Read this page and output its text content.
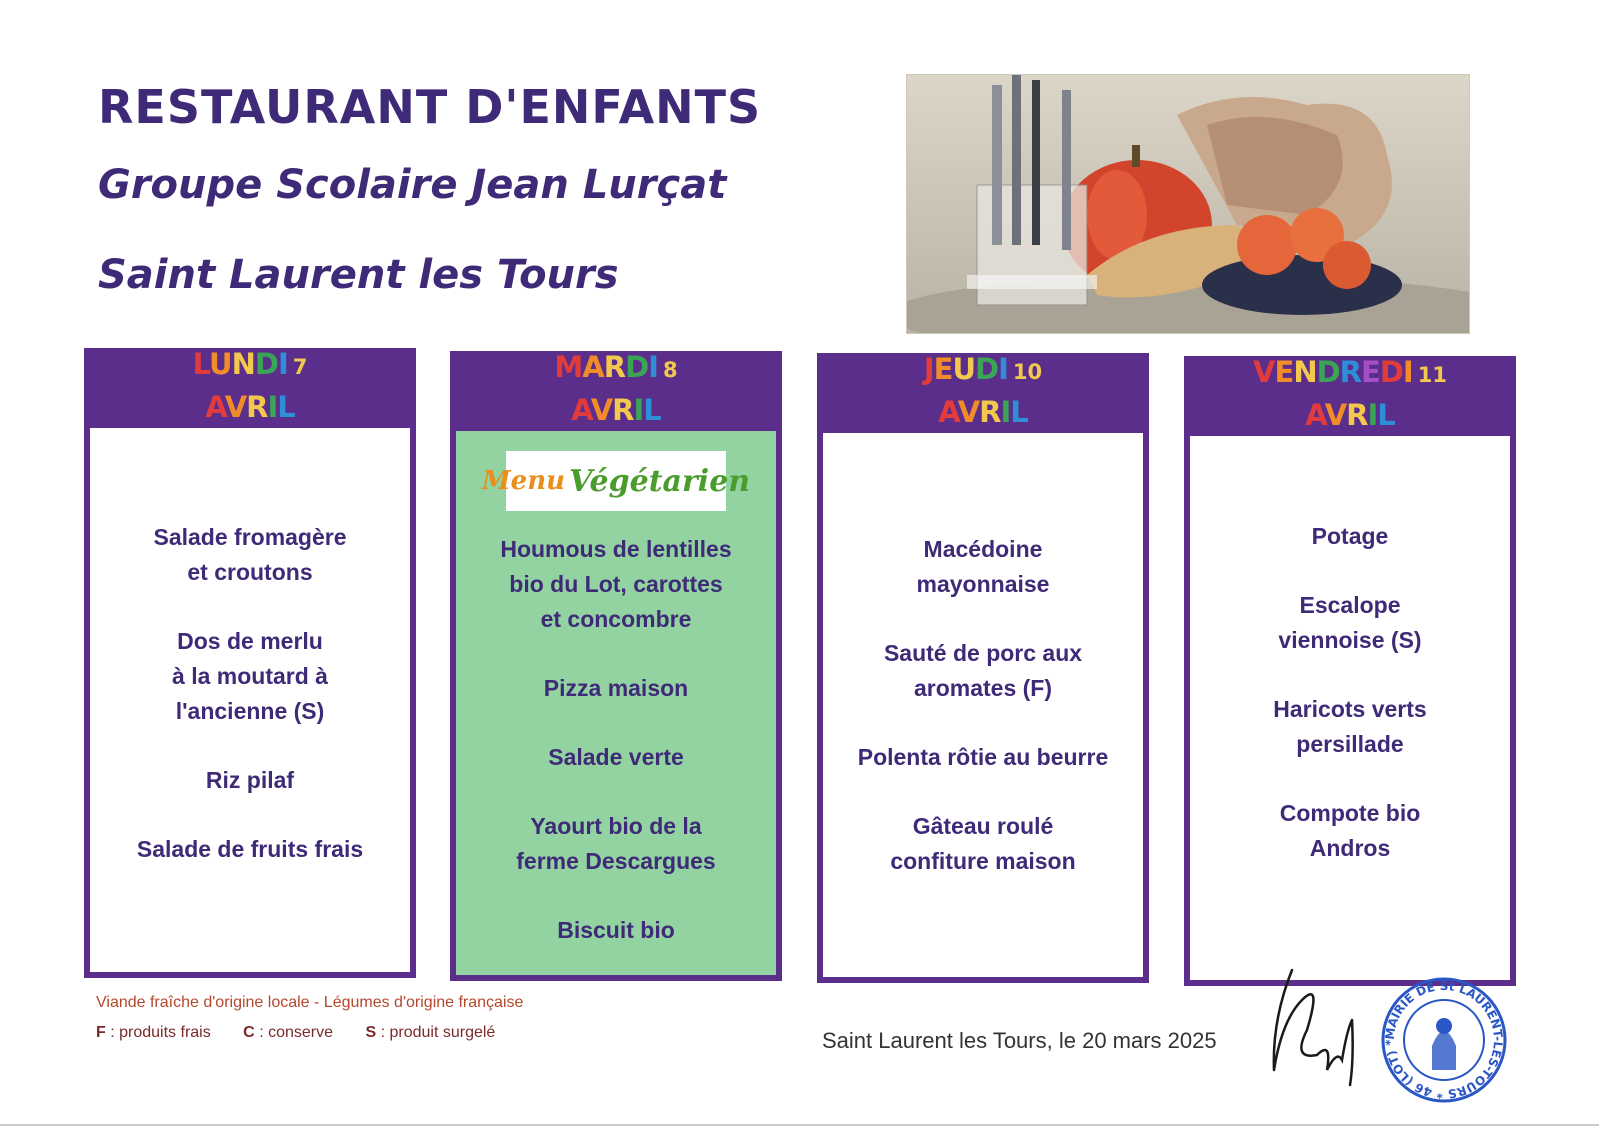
RESTAURANT D'ENFANTS
Groupe Scolaire Jean Lurçat
Saint Laurent les Tours
LUNDI 7
AVRIL
Salade fromagère
et croutons
Dos de merlu
à la moutard à
l'ancienne (S)
Riz pilaf
Salade de fruits frais
MARDI 8
AVRIL
Menu Végétarien
Houmous de lentilles
bio du Lot, carottes
et concombre
Pizza maison
Salade verte
Yaourt bio de la
ferme Descargues
Biscuit bio
JEUDI 10
AVRIL
Macédoine
mayonnaise
Sauté de porc aux
aromates (F)
Polenta rôtie au beurre
Gâteau roulé
confiture maison
VENDREDI 11
AVRIL
Potage
Escalope
viennoise (S)
Haricots verts
persillade
Compote bio
Andros

Viande fraîche d'origine locale - Légumes d'origine française

F : produits frais C : conserve S : produit surgelé	Saint Laurent les Tours, le 20 mars 2025	MAIRIE DE St LAURENT-LES-TOURS * 46 (LOT) *
